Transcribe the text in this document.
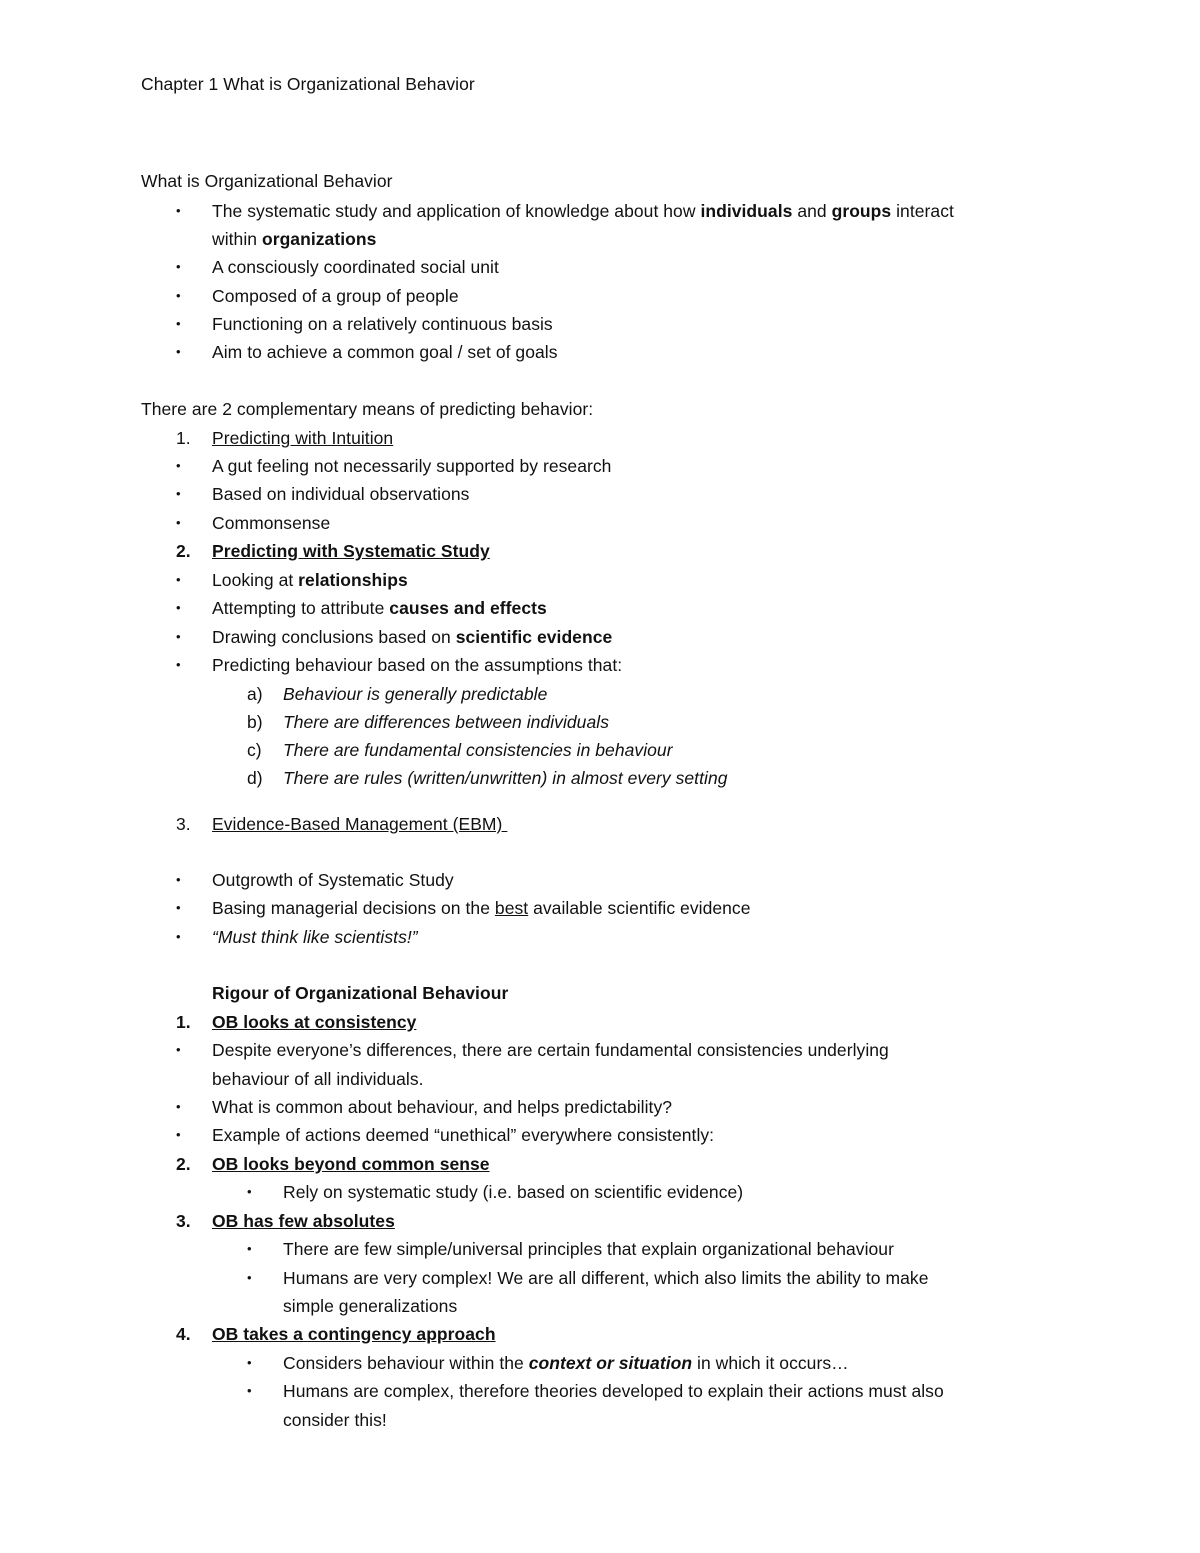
Chapter 1 What is Organizational Behavior
What is Organizational Behavior
• The systematic study and application of knowledge about how individuals and groups interact
within organizations
• A consciously coordinated social unit
• Composed of a group of people
• Functioning on a relatively continuous basis
• Aim to achieve a common goal / set of goals
There are 2 complementary means of predicting behavior:
1. Predicting with Intuition
• A gut feeling not necessarily supported by research
• Based on individual observations
• Commonsense
2. Predicting with Systematic Study
• Looking at relationships
• Attempting to attribute causes and effects
• Drawing conclusions based on scientific evidence
• Predicting behaviour based on the assumptions that:
a) Behaviour is generally predictable
b) There are differences between individuals
c) There are fundamental consistencies in behaviour
d) There are rules (written/unwritten) in almost every setting
3. Evidence-Based Management (EBM)
• Outgrowth of Systematic Study
• Basing managerial decisions on the best available scientific evidence
• “Must think like scientists!”
Rigour of Organizational Behaviour
1. OB looks at consistency
• Despite everyone’s differences, there are certain fundamental consistencies underlying
behaviour of all individuals.
• What is common about behaviour, and helps predictability?
• Example of actions deemed “unethical” everywhere consistently:
2. OB looks beyond common sense
• Rely on systematic study (i.e. based on scientific evidence)
3. OB has few absolutes
• There are few simple/universal principles that explain organizational behaviour
• Humans are very complex! We are all different, which also limits the ability to make
simple generalizations
4. OB takes a contingency approach
• Considers behaviour within the context or situation in which it occurs…
• Humans are complex, therefore theories developed to explain their actions must also
consider this!
